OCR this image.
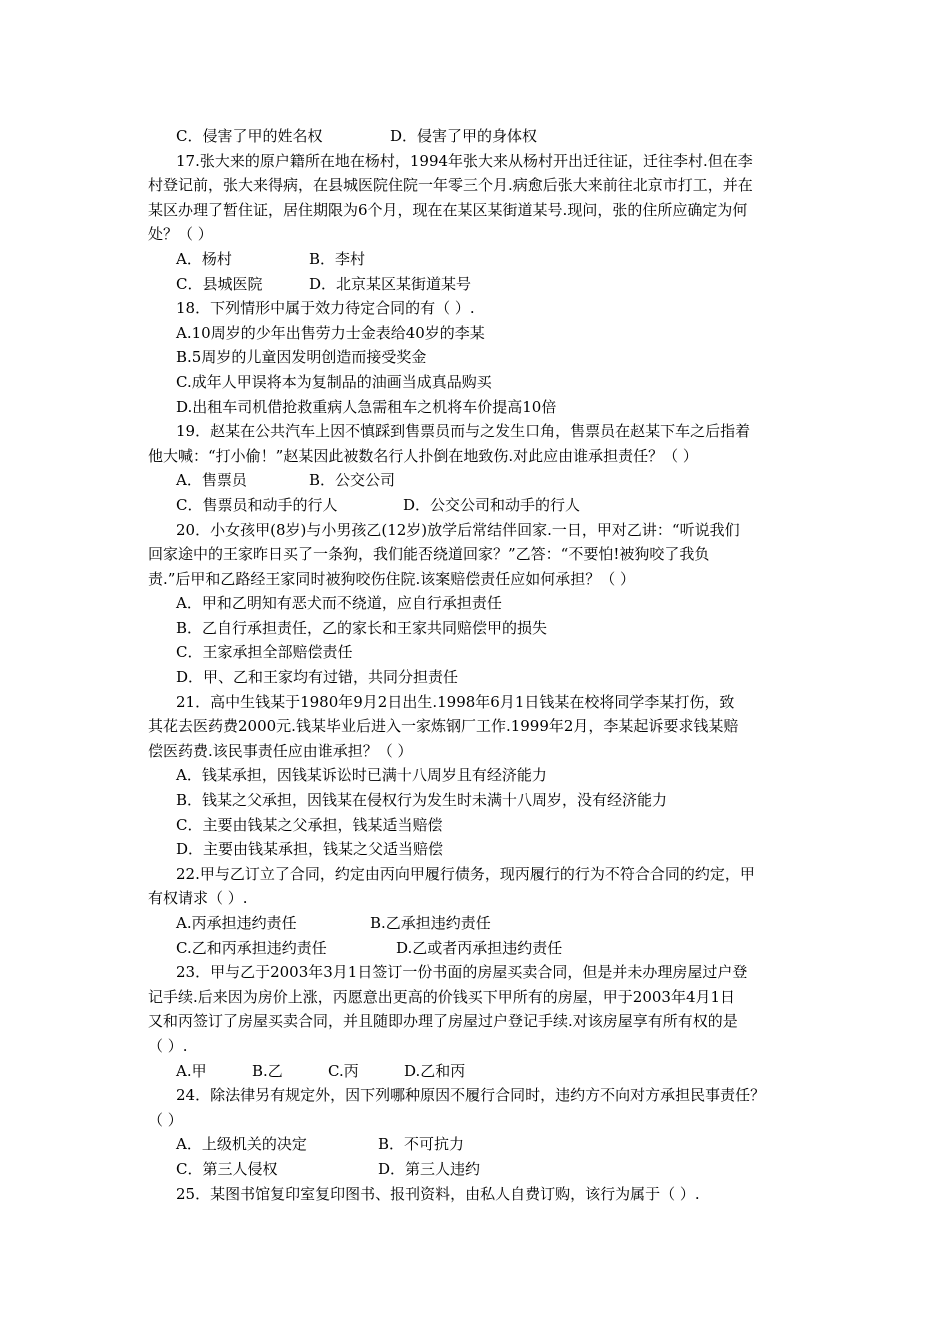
C．侵害了甲的姓名权	D．侵害了甲的身体权
17.张大来的原户籍所在地在杨村，1994年张大来从杨村开出迁往证，迁往李村.但在李
村登记前，张大来得病，在县城医院住院一年零三个月.病愈后张大来前往北京市打工，并在
某区办理了暂住证，居住期限为6个月，现在在某区某街道某号.现问，张的住所应确定为何
处？（ ）
A．杨村	B．李村
C．县城医院	D．北京某区某街道某号
18．下列情形中属于效力待定合同的有（ ）.
A.10周岁的少年出售劳力士金表给40岁的李某
B.5周岁的儿童因发明创造而接受奖金
C.成年人甲误将本为复制品的油画当成真品购买
D.出租车司机借抢救重病人急需租车之机将车价提高10倍
19．赵某在公共汽车上因不慎踩到售票员而与之发生口角，售票员在赵某下车之后指着
他大喊：“打小偷！”赵某因此被数名行人扑倒在地致伤.对此应由谁承担责任？（ ）
A．售票员	B．公交公司
C．售票员和动手的行人	D．公交公司和动手的行人
20．小女孩甲(8岁)与小男孩乙(12岁)放学后常结伴回家.一日，甲对乙讲：“听说我们
回家途中的王家昨日买了一条狗，我们能否绕道回家？”乙答：“不要怕!被狗咬了我负
责.”后甲和乙路经王家同时被狗咬伤住院.该案赔偿责任应如何承担？（ ）
A．甲和乙明知有恶犬而不绕道，应自行承担责任
B．乙自行承担责任，乙的家长和王家共同赔偿甲的损失
C．王家承担全部赔偿责任
D．甲、乙和王家均有过错，共同分担责任
21．高中生钱某于1980年9月2日出生.1998年6月1日钱某在校将同学李某打伤，致
其花去医药费2000元.钱某毕业后进入一家炼钢厂工作.1999年2月，李某起诉要求钱某赔
偿医药费.该民事责任应由谁承担？（ ）
A．钱某承担，因钱某诉讼时已满十八周岁且有经济能力
B．钱某之父承担，因钱某在侵权行为发生时未满十八周岁，没有经济能力
C．主要由钱某之父承担，钱某适当赔偿
D．主要由钱某承担，钱某之父适当赔偿
22.甲与乙订立了合同，约定由丙向甲履行债务，现丙履行的行为不符合合同的约定，甲
有权请求（ ）.
A.丙承担违约责任	B.乙承担违约责任
C.乙和丙承担违约责任	D.乙或者丙承担违约责任
23．甲与乙于2003年3月1日签订一份书面的房屋买卖合同，但是并未办理房屋过户登
记手续.后来因为房价上涨，丙愿意出更高的价钱买下甲所有的房屋，甲于2003年4月1日
又和丙签订了房屋买卖合同，并且随即办理了房屋过户登记手续.对该房屋享有所有权的是
（ ）.
A.甲	B.乙	C.丙	D.乙和丙
24．除法律另有规定外，因下列哪种原因不履行合同时，违约方不向对方承担民事责任？
（ ）
A．上级机关的决定	B．不可抗力
C．第三人侵权	D．第三人违约
25．某图书馆复印室复印图书、报刊资料，由私人自费订购，该行为属于（ ）.
